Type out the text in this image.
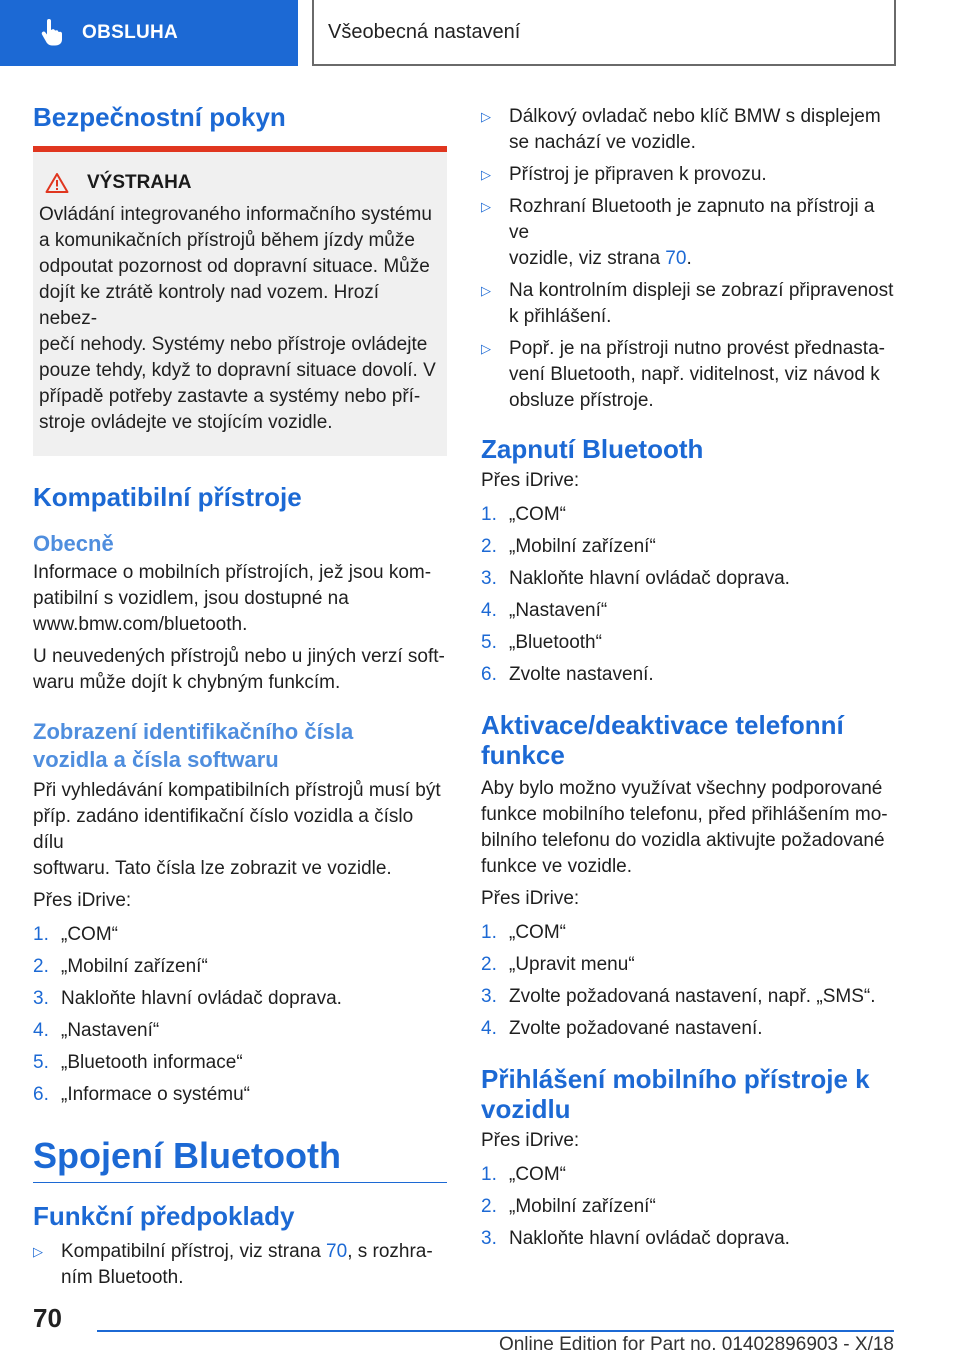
OBSLUHA	Všeobecná nastavení
Bezpečnostní pokyn
VÝSTRAHA
Ovládání integrovaného informačního systému
a komunikačních přístrojů během jízdy může
odpoutat pozornost od dopravní situace. Může
dojít ke ztrátě kontroly nad vozem. Hrozí nebez-
pečí nehody. Systémy nebo přístroje ovládejte
pouze tehdy, když to dopravní situace dovolí. V
případě potřeby zastavte a systémy nebo pří-
stroje ovládejte ve stojícím vozidle.
Kompatibilní přístroje
Obecně
Informace o mobilních přístrojích, jež jsou kom-
patibilní s vozidlem, jsou dostupné na
www.bmw.com/bluetooth.
U neuvedených přístrojů nebo u jiných verzí soft-
waru může dojít k chybným funkcím.
Zobrazení identifikačního čísla
vozidla a čísla softwaru
Při vyhledávání kompatibilních přístrojů musí být
příp. zadáno identifikační číslo vozidla a číslo dílu
softwaru. Tato čísla lze zobrazit ve vozidle.
Přes iDrive:
1. „COM“
2. „Mobilní zařízení“
3. Nakloňte hlavní ovládač doprava.
4. „Nastavení“
5. „Bluetooth informace“
6. „Informace o systému“
Spojení Bluetooth
Funkční předpoklady
▷ Kompatibilní přístroj, viz strana 70, s rozhra-
ním Bluetooth.
▷ Dálkový ovladač nebo klíč BMW s displejem
se nachází ve vozidle.
▷ Přístroj je připraven k provozu.
▷ Rozhraní Bluetooth je zapnuto na přístroji a ve
vozidle, viz strana 70.
▷ Na kontrolním displeji se zobrazí připravenost
k přihlášení.
▷ Popř. je na přístroji nutno provést přednasta-
vení Bluetooth, např. viditelnost, viz návod k
obsluze přístroje.
Zapnutí Bluetooth
Přes iDrive:
1. „COM“
2. „Mobilní zařízení“
3. Nakloňte hlavní ovládač doprava.
4. „Nastavení“
5. „Bluetooth“
6. Zvolte nastavení.
Aktivace/deaktivace telefonní
funkce
Aby bylo možno využívat všechny podporované
funkce mobilního telefonu, před přihlášením mo-
bilního telefonu do vozidla aktivujte požadované
funkce ve vozidle.
Přes iDrive:
1. „COM“
2. „Upravit menu“
3. Zvolte požadovaná nastavení, např. „SMS“.
4. Zvolte požadované nastavení.
Přihlášení mobilního přístroje k
vozidlu
Přes iDrive:
1. „COM“
2. „Mobilní zařízení“
3. Nakloňte hlavní ovládač doprava.
70
Online Edition for Part no. 01402896903 - X/18
